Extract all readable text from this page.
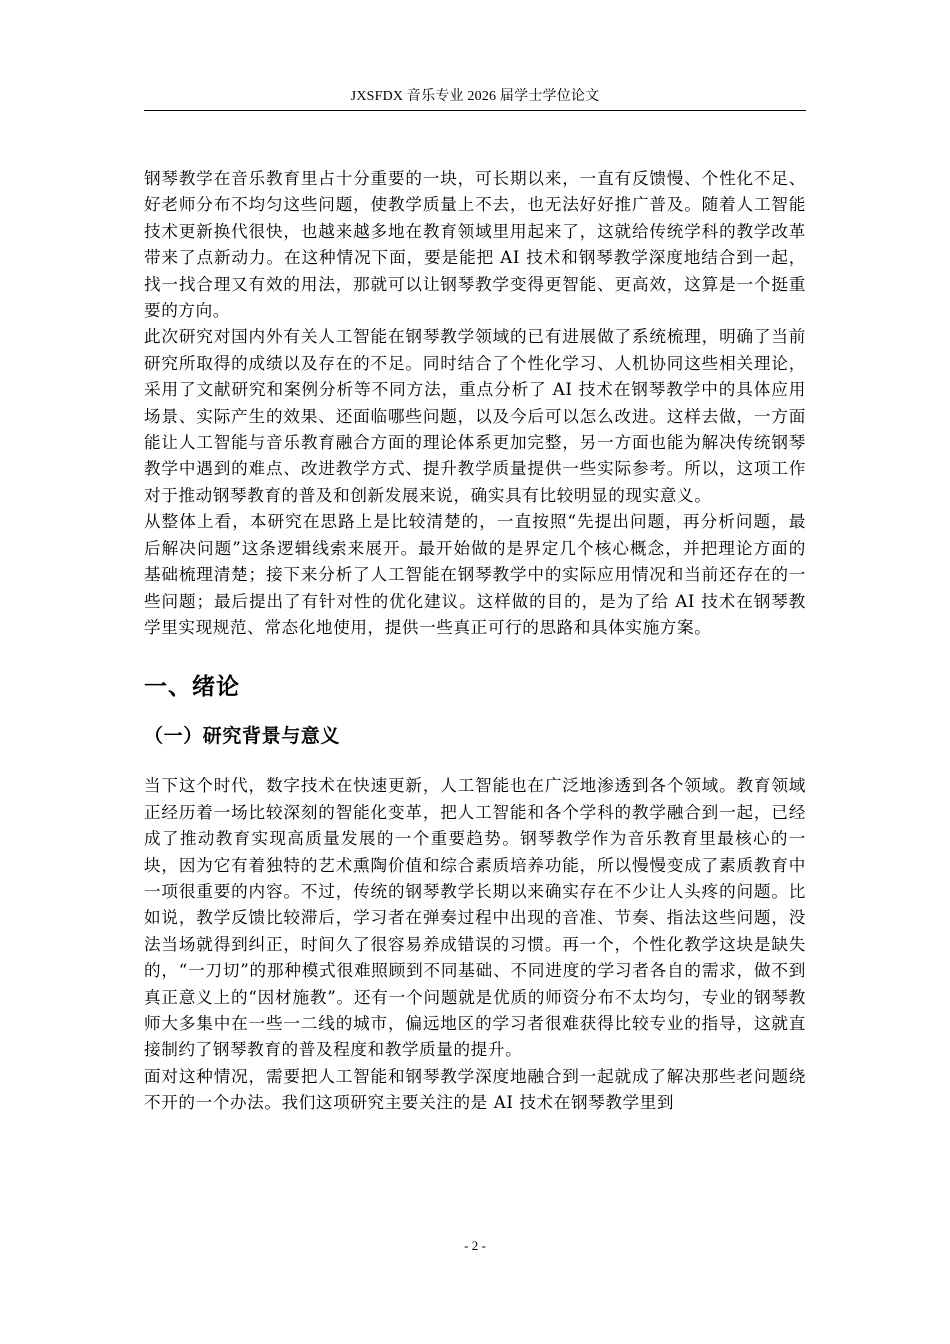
JXSFDX 音乐专业 2026 届学士学位论文

钢琴教学在音乐教育里占十分重要的一块，可长期以来，一直有反馈慢、个性化不足、好老师分布不均匀这些问题，使教学质量上不去，也无法好好推广普及。随着人工智能技术更新换代很快，也越来越多地在教育领域里用起来了，这就给传统学科的教学改革带来了点新动力。在这种情况下面，要是能把 AI 技术和钢琴教学深度地结合到一起，找一找合理又有效的用法，那就可以让钢琴教学变得更智能、更高效，这算是一个挺重要的方向。

此次研究对国内外有关人工智能在钢琴教学领域的已有进展做了系统梳理，明确了当前研究所取得的成绩以及存在的不足。同时结合了个性化学习、人机协同这些相关理论，采用了文献研究和案例分析等不同方法，重点分析了 AI 技术在钢琴教学中的具体应用场景、实际产生的效果、还面临哪些问题，以及今后可以怎么改进。这样去做，一方面能让人工智能与音乐教育融合方面的理论体系更加完整，另一方面也能为解决传统钢琴教学中遇到的难点、改进教学方式、提升教学质量提供一些实际参考。所以，这项工作对于推动钢琴教育的普及和创新发展来说，确实具有比较明显的现实意义。

从整体上看，本研究在思路上是比较清楚的，一直按照“先提出问题，再分析问题，最后解决问题”这条逻辑线索来展开。最开始做的是界定几个核心概念，并把理论方面的基础梳理清楚；接下来分析了人工智能在钢琴教学中的实际应用情况和当前还存在的一些问题；最后提出了有针对性的优化建议。这样做的目的，是为了给 AI 技术在钢琴教学里实现规范、常态化地使用，提供一些真正可行的思路和具体实施方案。

一、绪论
（一）研究背景与意义

当下这个时代，数字技术在快速更新，人工智能也在广泛地渗透到各个领域。教育领域正经历着一场比较深刻的智能化变革，把人工智能和各个学科的教学融合到一起，已经成了推动教育实现高质量发展的一个重要趋势。钢琴教学作为音乐教育里最核心的一块，因为它有着独特的艺术熏陶价值和综合素质培养功能，所以慢慢变成了素质教育中一项很重要的内容。不过，传统的钢琴教学长期以来确实存在不少让人头疼的问题。比如说，教学反馈比较滞后，学习者在弹奏过程中出现的音准、节奏、指法这些问题，没法当场就得到纠正，时间久了很容易养成错误的习惯。再一个，个性化教学这块是缺失的，“一刀切”的那种模式很难照顾到不同基础、不同进度的学习者各自的需求，做不到真正意义上的“因材施教”。还有一个问题就是优质的师资分布不太均匀，专业的钢琴教师大多集中在一些一二线的城市，偏远地区的学习者很难获得比较专业的指导，这就直接制约了钢琴教育的普及程度和教学质量的提升。

面对这种情况，需要把人工智能和钢琴教学深度地融合到一起就成了解决那些老问题绕不开的一个办法。我们这项研究主要关注的是 AI 技术在钢琴教学里到

- 2 -
